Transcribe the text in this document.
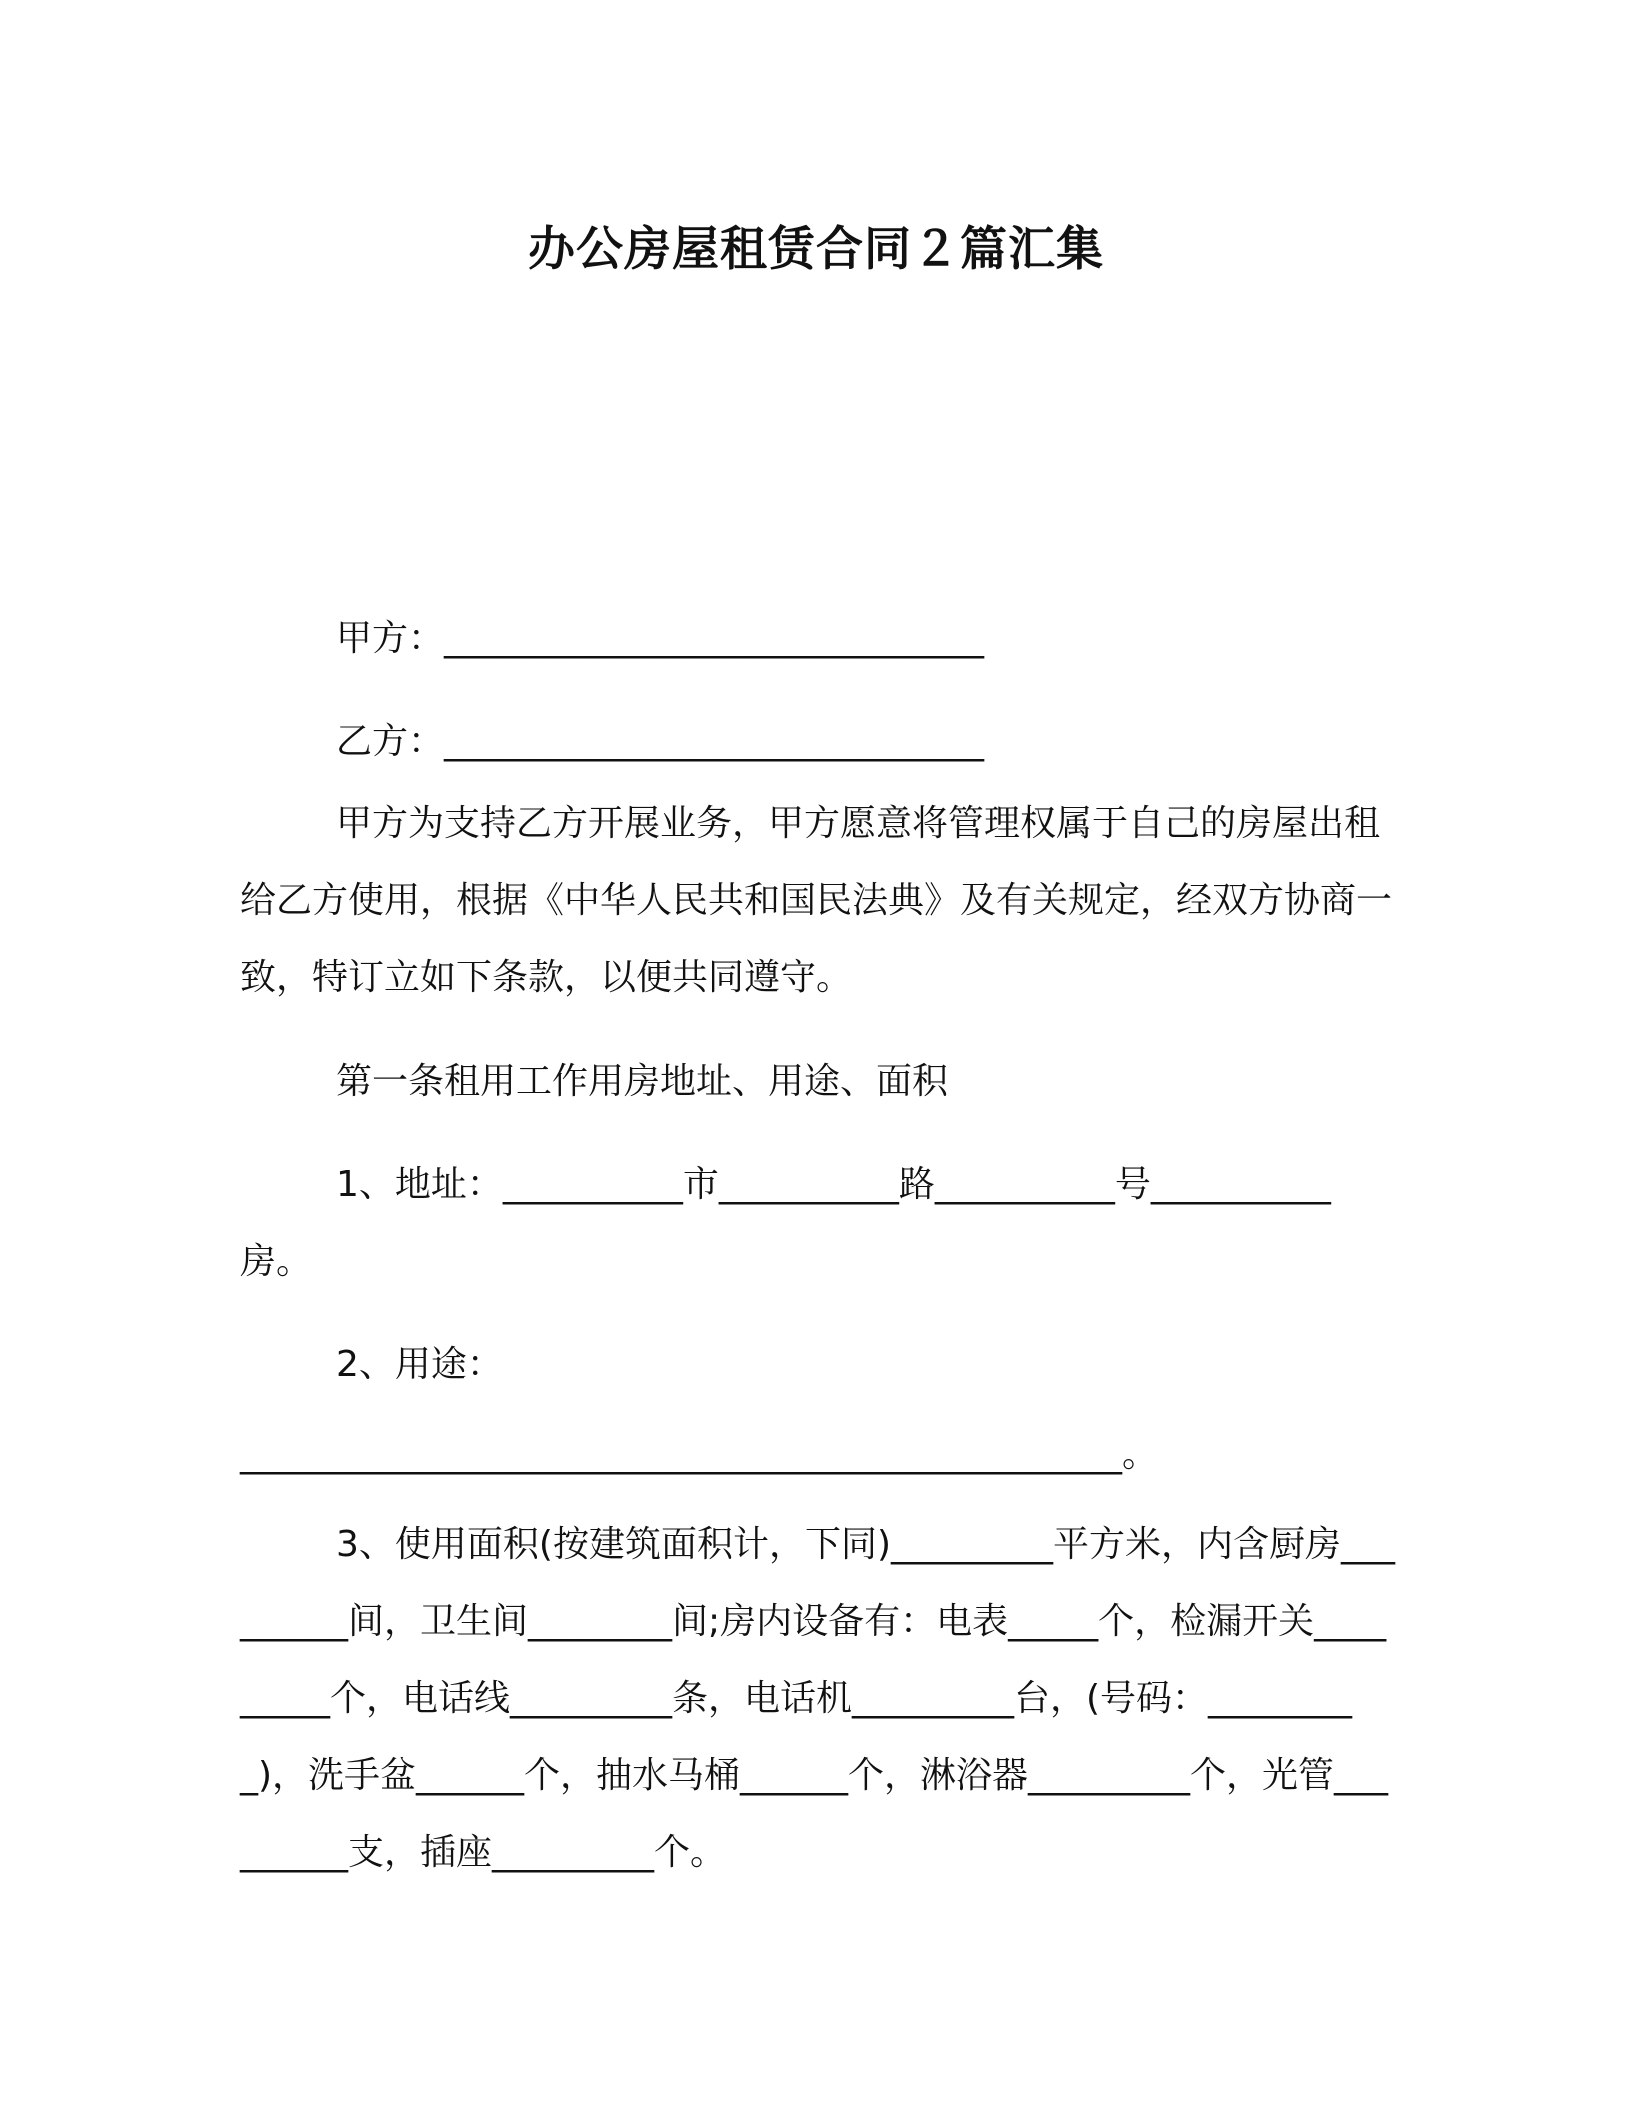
办公房屋租赁合同２篇汇集
甲方：______________________________
乙方：______________________________
甲方为支持乙方开展业务，甲方愿意将管理权属于自己的房屋出租给乙方使用，根据《中华人民共和国民法典》及有关规定，经双方协商一致，特订立如下条款，以便共同遵守。
第一条租用工作用房地址、用途、面积
1、地址：__________市__________路__________号__________房。
2、用途：
_________________________________________________。
3、使用面积(按建筑面积计，下同)_________平方米，内含厨房_________间，卫生间________间;房内设备有：电表_____个，检漏开关_________个，电话线_________条，电话机_________台，(号码：_________)，洗手盆______个，抽水马桶______个，淋浴器_________个，光管_________支，插座_________个。
